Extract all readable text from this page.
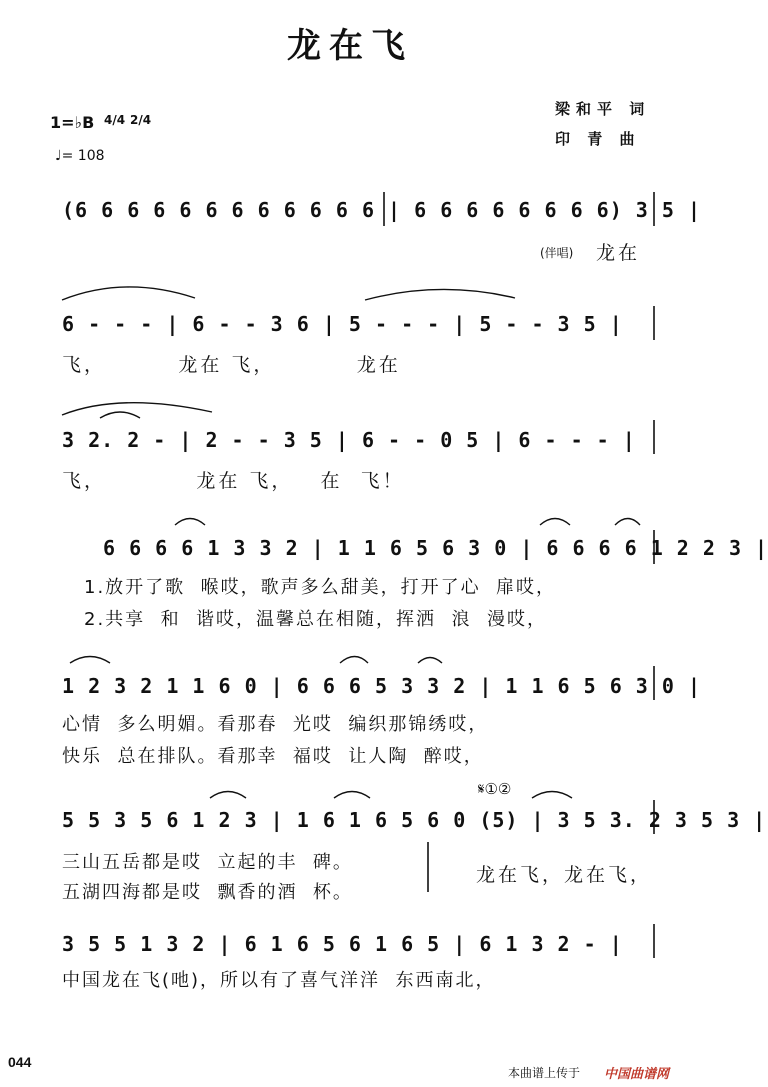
龙在飞
1=♭B 4/4 2/4
♩= 108
梁和平 词
印 青 曲
(6 6 6 6 6 6 6 6 6 6 6 6 | 6 6 6 6 6 6 6 6) 3 5 |
(伴唱) 龙在
6 - - - | 6 - - 3 6 | 5 - - - | 5 - - 3 5 |
飞，        龙在 飞，         龙在
3 2. 2 - | 2 - - 3 5 | 6 - - 0 5 | 6 - - - |
飞，          龙在 飞，   在  飞！
6 6 6 6 1 3 3 2 | 1 1 6 5 6 3 0 | 6 6 6 6 1 2 2 3 |
1.放开了歌  喉哎，歌声多么甜美，打开了心  扉哎，
2.共享  和  谐哎，温馨总在相随，挥洒  浪  漫哎，
1 2 3 2 1 1 6 0 | 6 6 6 5 3 3 2 | 1 1 6 5 6 3 0 |
心情  多么明媚。看那春  光哎  编织那锦绣哎，
快乐  总在排队。看那幸  福哎  让人陶  醉哎，
𝄋①②
5 5 3 5 6 1 2 3 | 1 6 1 6 5 6 0 (5) | 3 5 3. 2 3 5 3 |
三山五岳都是哎  立起的丰  碑。
五湖四海都是哎  飘香的酒  杯。
龙在飞，龙在飞，
3 5 5 1 3 2 | 6 1 6 5 6 1 6 5 | 6 1 3 2 - |
中国龙在飞(吔)，所以有了喜气洋洋  东西南北，
044
本曲谱上传于 中国曲谱网
